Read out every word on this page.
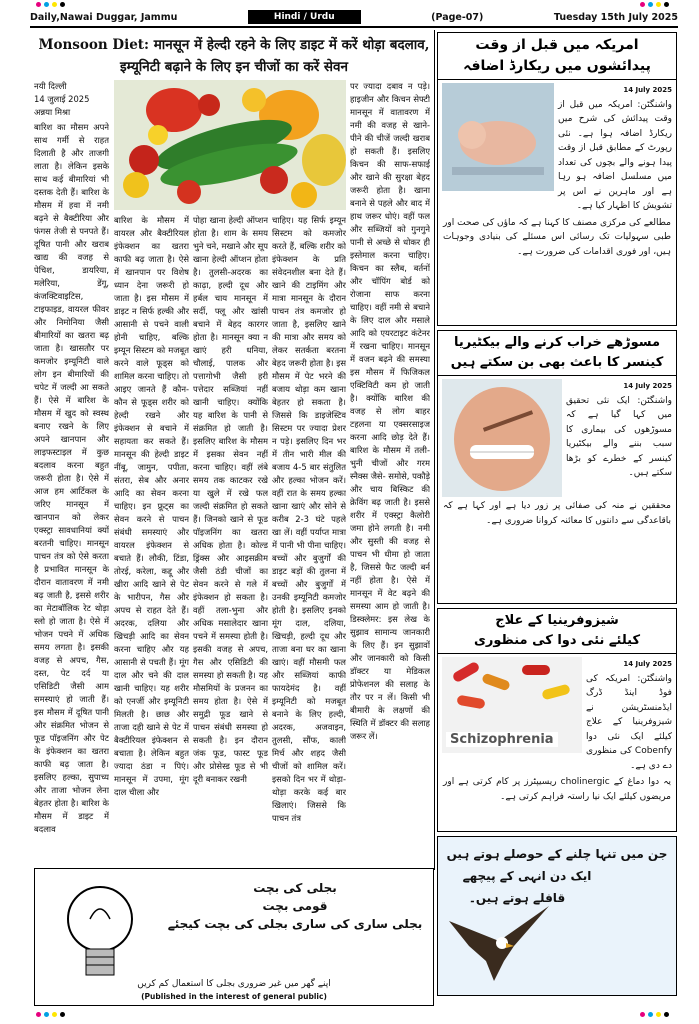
Daily,Nawai Duggar, Jammu	Hindi / Urdu	(Page-07)	Tuesday 15th July 2025
Monsoon Diet: मानसून में हेल्दी रहने के लिए डाइट में करें थोड़ा बदलाव, इम्यूनिटी बढ़ाने के लिए इन चीजों का करें सेवन
नयी दिल्ली
14 जुलाई 2025
अन्नया मिश्रा
बारिश का मौसम अपने साथ गर्मी से राहत दिलाती है और ताजगी लाता है। लेकिन इसके साथ कई बीमारियां भी दस्तक देती हैं। बारिश के मौसम में हवा में नमी बढ़ने से बैक्टीरिया और फंगस तेजी से पनपते हैं। दूषित पानी और खराब खाद्य की वजह से पेचिश, डायरिया, मलेरिया, डेंगू, कंजक्टिवाइटिस, टाइफाइड, वायरल फीवर और निमोनिया जैसी बीमारियों का खतरा बढ़ जाता है। खासतौर पर कमजोर इम्यूनिटी वाले लोग इन बीमारियों की चपेट में जल्दी आ सकते हैं। ऐसे में बारिश के मौसम में खुद को स्वस्थ बनाए रखने के लिए अपने खानपान और लाइफस्टाइल में कुछ बदलाव करना बहुत जरूरी होता है। ऐसे में आज हम आर्टिकल के जरिए मानसून में खानपान को लेकर एक्स्ट्रा सावधानियां क्यों बरतनी चाहिए। मानसून पाचन तंत्र को ऐसे करता है प्रभावित मानसून के दौरान वातावरण में नमी बढ़ जाती है, इससे शरीर का मेटाबॉलिक रेट थोड़ा स्लो हो जाता है। ऐसे में भोजन पचने में अधिक समय लगता है। इसकी वजह से अपच, गैस, दस्त, पेट दर्द या एसिडिटी जैसी आम समस्याएं हो जाती हैं। इस मौसम में दूषित पानी और संक्रमित भोजन से फूड पॉइजनिंग और पेट के इंफेक्शन का खतरा काफी बढ़ जाता है। इसलिए हल्का, सुपाच्य और ताजा भोजन लेना बेहतर होता है। बारिश के मौसम में डाइट में बदलाव
बारिश के मौसम में वायरल और बैक्टीरियल इंफेक्शन का खतरा काफी बढ़ जाता है। ऐसे में खानपान पर विशेष ध्यान देना जरूरी हो जाता है। इस मौसम में डाइट न सिर्फ हल्की और आसानी से पचने वाली होनी चाहिए, बल्कि इम्यून सिस्टम को मजबूत करने वाले फूड्स को शामिल करना चाहिए। तो आइए जानते हैं कौन-कौन से फूड्स शरीर को हेल्दी रखने और इंफेक्शन से बचाने में सहायता कर सकते हैं। मानसून की हेल्दी डाइट नींबू, जामुन, पपीता, संतरा, सेब और अनार आदि का सेवन करना चाहिए। इन फ्रूट्स का सेवन करने से पाचन संबंधी समस्याएं और वायरल इंफेक्शन से बचाते हैं। लौकी, टिंडा, तोरई, करेला, कद्दू और खीरा आदि खाने से पेट के भारीपन, गैस और अपच से राहत देते हैं। अदरक, दलिया और खिचड़ी आदि का सेवन करना चाहिए और यह आसानी से पचती हैं। मूंग दाल और चने की दाल खानी चाहिए। यह शरीर को एनर्जी और इम्यूनिटी मिलती है। छाछ और ताजा दही खाने से पेट में बैक्टीरियल इंफेक्शन से बचाता है। लेकिन बहुत ज्यादा ठंडा न पिएं। मानसून में उपमा, मूंग दाल चीला और
पोहा खाना हेल्दी ऑप्शन होता है। शाम के समय भुने चने, मखाने और सूप खाना हेल्दी ऑप्शन होता है। तुलसी-अदरक का काढ़ा, हल्दी दूध और हर्बल चाय मानसून में सर्दी, फ्लू और खांसी बचाने में बेहद कारगर होता है। मानसून क्या न खाएं हरी धनिया, चौलाई, पालक और पत्तागोभी जैसी हरी पत्तेदार सब्जियां नहीं खानी चाहिए। क्योंकि यह बारिश के पानी से संक्रमित हो जाती है। इसलिए बारिश के मौसम में इसका सेवन नहीं करना चाहिए। वहीं लंबे समय तक काटकर रखे या खुले में रखे फल जल्दी संक्रमित हो सकते हैं। जिनको खाने से फूड पॉइजनिंग का खतरा अधिक होता है। कोल्ड ड्रिंक्स और आइसक्रीम जैसी ठंडी चीजों का सेवन करने से गले में इंफेक्शन हो सकता है। वहीं तला-भुना और अधिक मसालेदार खाना पचने में समस्या होती है। इसकी वजह से अपच, गैस और एसिडिटी की समस्या हो सकती है। यह मौसमियों के प्रजनन का समय होता है। ऐसे में समुद्री फूड खाने से पाचन संबंधी समस्या हो सकती है। इन दौरान जंक फूड, फास्ट फूड और प्रोसेस्ड फूड से भी दूरी बनाकर रखनी
चाहिए। यह सिर्फ इम्यून सिस्टम को कमजोर करते हैं, बल्कि शरीर को इंफेक्शन के प्रति संवेदनशील बना देते हैं। खाने की टाइमिंग और मात्रा मानसून के दौरान पाचन तंत्र कमजोर हो जाता है, इसलिए खाने की मात्रा और समय को लेकर सतर्कता बरतना बेहद जरूरी होता है। इस मौसम में पेट भरने की बजाय थोड़ा कम खाना बेहतर हो सकता है। जिससे कि डाइजेस्टिव सिस्टम पर ज्यादा प्रेशर न पड़े। इसलिए दिन भर में तीन भारी मील की बजाय 4-5 बार संतुलित और हल्का भोजन करें। वहीं रात के समय हल्का खाना खाएं और सोने से करीब 2-3 घंटे पहले खा लें। वहीं पर्याप्त मात्रा में पानी भी पीना चाहिए। बच्चों और बुजुर्गों की डाइट बड़ों की तुलना में बच्चों और बुजुर्गों में उनकी इम्यूनिटी कमजोर होती है। इसलिए इनको मूंग दाल, दलिया, खिचड़ी, हल्दी दूध और ताजा बना घर का खाना खाएं। वहीं मौसमी फल और सब्जियां काफी फायदेमंद है। वहीं इम्यूनिटी को मजबूत बनाने के लिए हल्दी, अदरक, अजवाइन, तुलसी, सौंफ, काली मिर्च और शहद जैसी चीजों को शामिल करें। इसको दिन भर में थोड़ा-थोड़ा करके कई बार खिलाएं। जिससे कि पाचन तंत्र
पर ज्यादा दबाव न पड़े। हाइजीन और किचन सेफ्टी मानसून में वातावरण में नमी की वजह से खाने-पीने की चीजें जल्दी खराब हो सकती हैं। इसलिए किचन की साफ-सफाई और खाने की सुरक्षा बेहद जरूरी होता है। खाना बनाने से पहले और बाद में हाथ जरूर धोएं। वहीं फल और सब्जियों को गुनगुने पानी से अच्छे से धोकर ही इस्तेमाल करना चाहिए। किचन का स्लैब, बर्तनों और चॉपिंग बोर्ड को रोजाना साफ करना चाहिए। वहीं नमी से बचाने के लिए दाल और मसाले आदि को एयरटाइट कंटेनर में रखना चाहिए। मानसून में वजन बढ़ने की समस्या इस मौसम में फिजिकल एक्टिविटी कम हो जाती है। क्योंकि बारिश की वजह से लोग बाहर टहलना या एक्सरसाइज करना आदि छोड़ देते हैं। बारिश के मौसम में तली-भुनी चीजों और गरम स्नैक्स जैसे- समोसे, पकौड़े और चाय बिस्किट की क्रेविंग बढ़ जाती है। इससे शरीर में एक्स्ट्रा कैलोरी जमा होने लगती है। नमी और सुस्ती की वजह से पाचन भी धीमा हो जाता है, जिससे फैट जल्दी बर्न नहीं होता है। ऐसे में मानसून में वेट बढ़ने की समस्या आम हो जाती है। डिस्क्लेमर: इस लेख के सुझाव सामान्य जानकारी के लिए हैं। इन सुझावों और जानकारी को किसी डॉक्टर या मेडिकल प्रोफेशनल की सलाह के तौर पर न लें। किसी भी बीमारी के लक्षणों की स्थिति में डॉक्टर की सलाह जरूर लें।
امریکہ میں قبل از وقت
پیدائشوں میں ریکارڈ اضافہ
14 July 2025
واشنگٹن: امریکہ میں قبل از وقت پیدائش کی شرح میں ریکارڈ اضافہ ہوا ہے۔ نئی رپورٹ کے مطابق قبل از وقت پیدا ہونے والے بچوں کی تعداد میں مسلسل اضافہ ہو رہا ہے اور ماہرین نے اس پر تشویش کا اظہار کیا ہے۔
مطالعے کی مرکزی مصنف کا کہنا ہے کہ ماؤں کی صحت اور طبی سہولیات تک رسائی اس مسئلے کی بنیادی وجوہات ہیں، اور فوری اقدامات کی ضرورت ہے۔
مسوڑھے خراب کرنے والے بیکٹیریا
کینسر کا باعث بھی بن سکتے ہیں
14 July 2025
واشنگٹن: ایک نئی تحقیق میں کہا گیا ہے کہ مسوڑھوں کی بیماری کا سبب بننے والے بیکٹیریا کینسر کے خطرے کو بڑھا سکتے ہیں۔
محققین نے منہ کی صفائی پر زور دیا ہے اور کہا ہے کہ باقاعدگی سے دانتوں کا معائنہ کروانا ضروری ہے۔
شیزوفرینیا کے علاج
کیلئے نئی دوا کی منظوری
Schizophrenia
14 July 2025
واشنگٹن: امریکہ کی فوڈ اینڈ ڈرگ ایڈمنسٹریشن نے شیزوفرینیا کے علاج کیلئے ایک نئی دوا Cobenfy کی منظوری دے دی ہے۔
یہ دوا دماغ کے cholinergic ریسیپٹرز پر کام کرتی ہے اور مریضوں کیلئے ایک نیا راستہ فراہم کرتی ہے۔
جن میں تنہا چلنے کے حوصلے ہوتے ہیں
ایک دن انہی کے پیچھے
قافلے ہوتے ہیں۔
بجلی کی بچت
قومی بچت
بجلی ساری کی ساری بجلی کی بچت کیجئے
اپنے گھر میں غیر ضروری بجلی کا استعمال کم کریں
(Published in the interest of general public)
